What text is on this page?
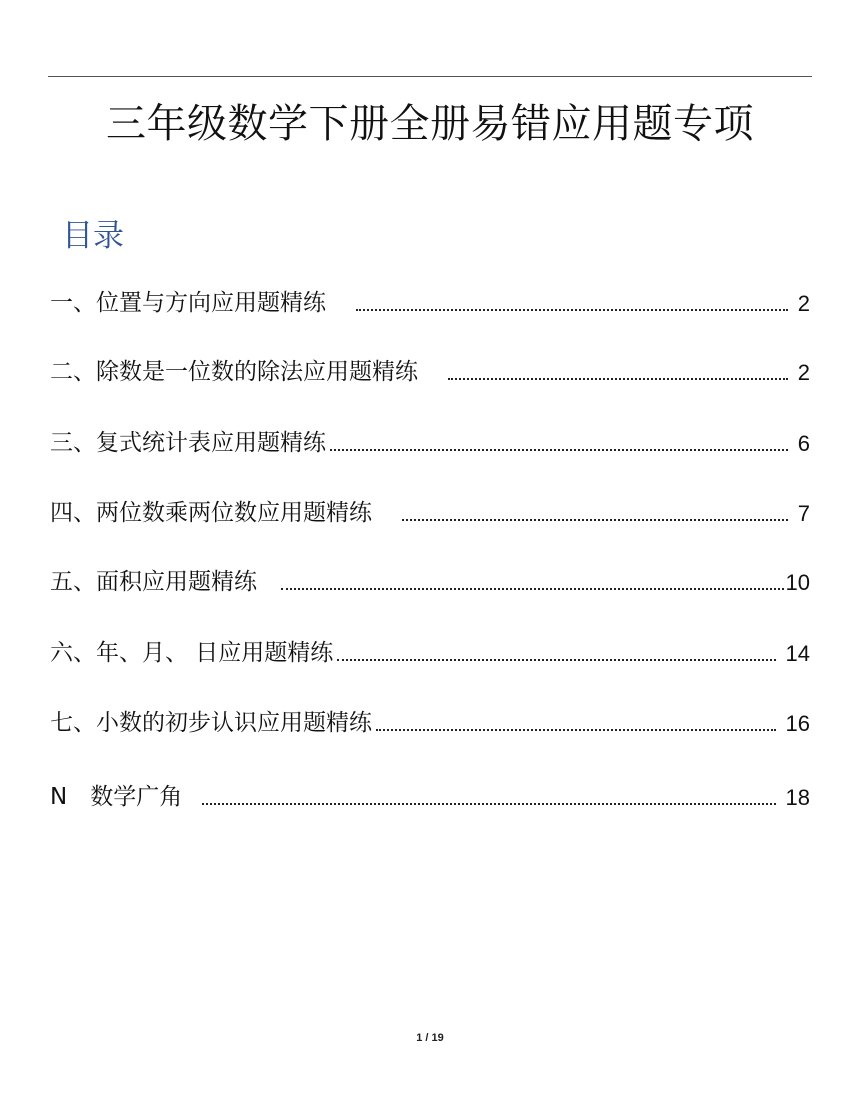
三年级数学下册全册易错应用题专项
目录
一、位置与方向应用题精练	2
二、除数是一位数的除法应用题精练	2
三、复式统计表应用题精练	6
四、两位数乘两位数应用题精练	7
五、面积应用题精练	10
六、年、月、 日应用题精练	14
七、小数的初步认识应用题精练	16
N　数学广角	18
1 / 19
